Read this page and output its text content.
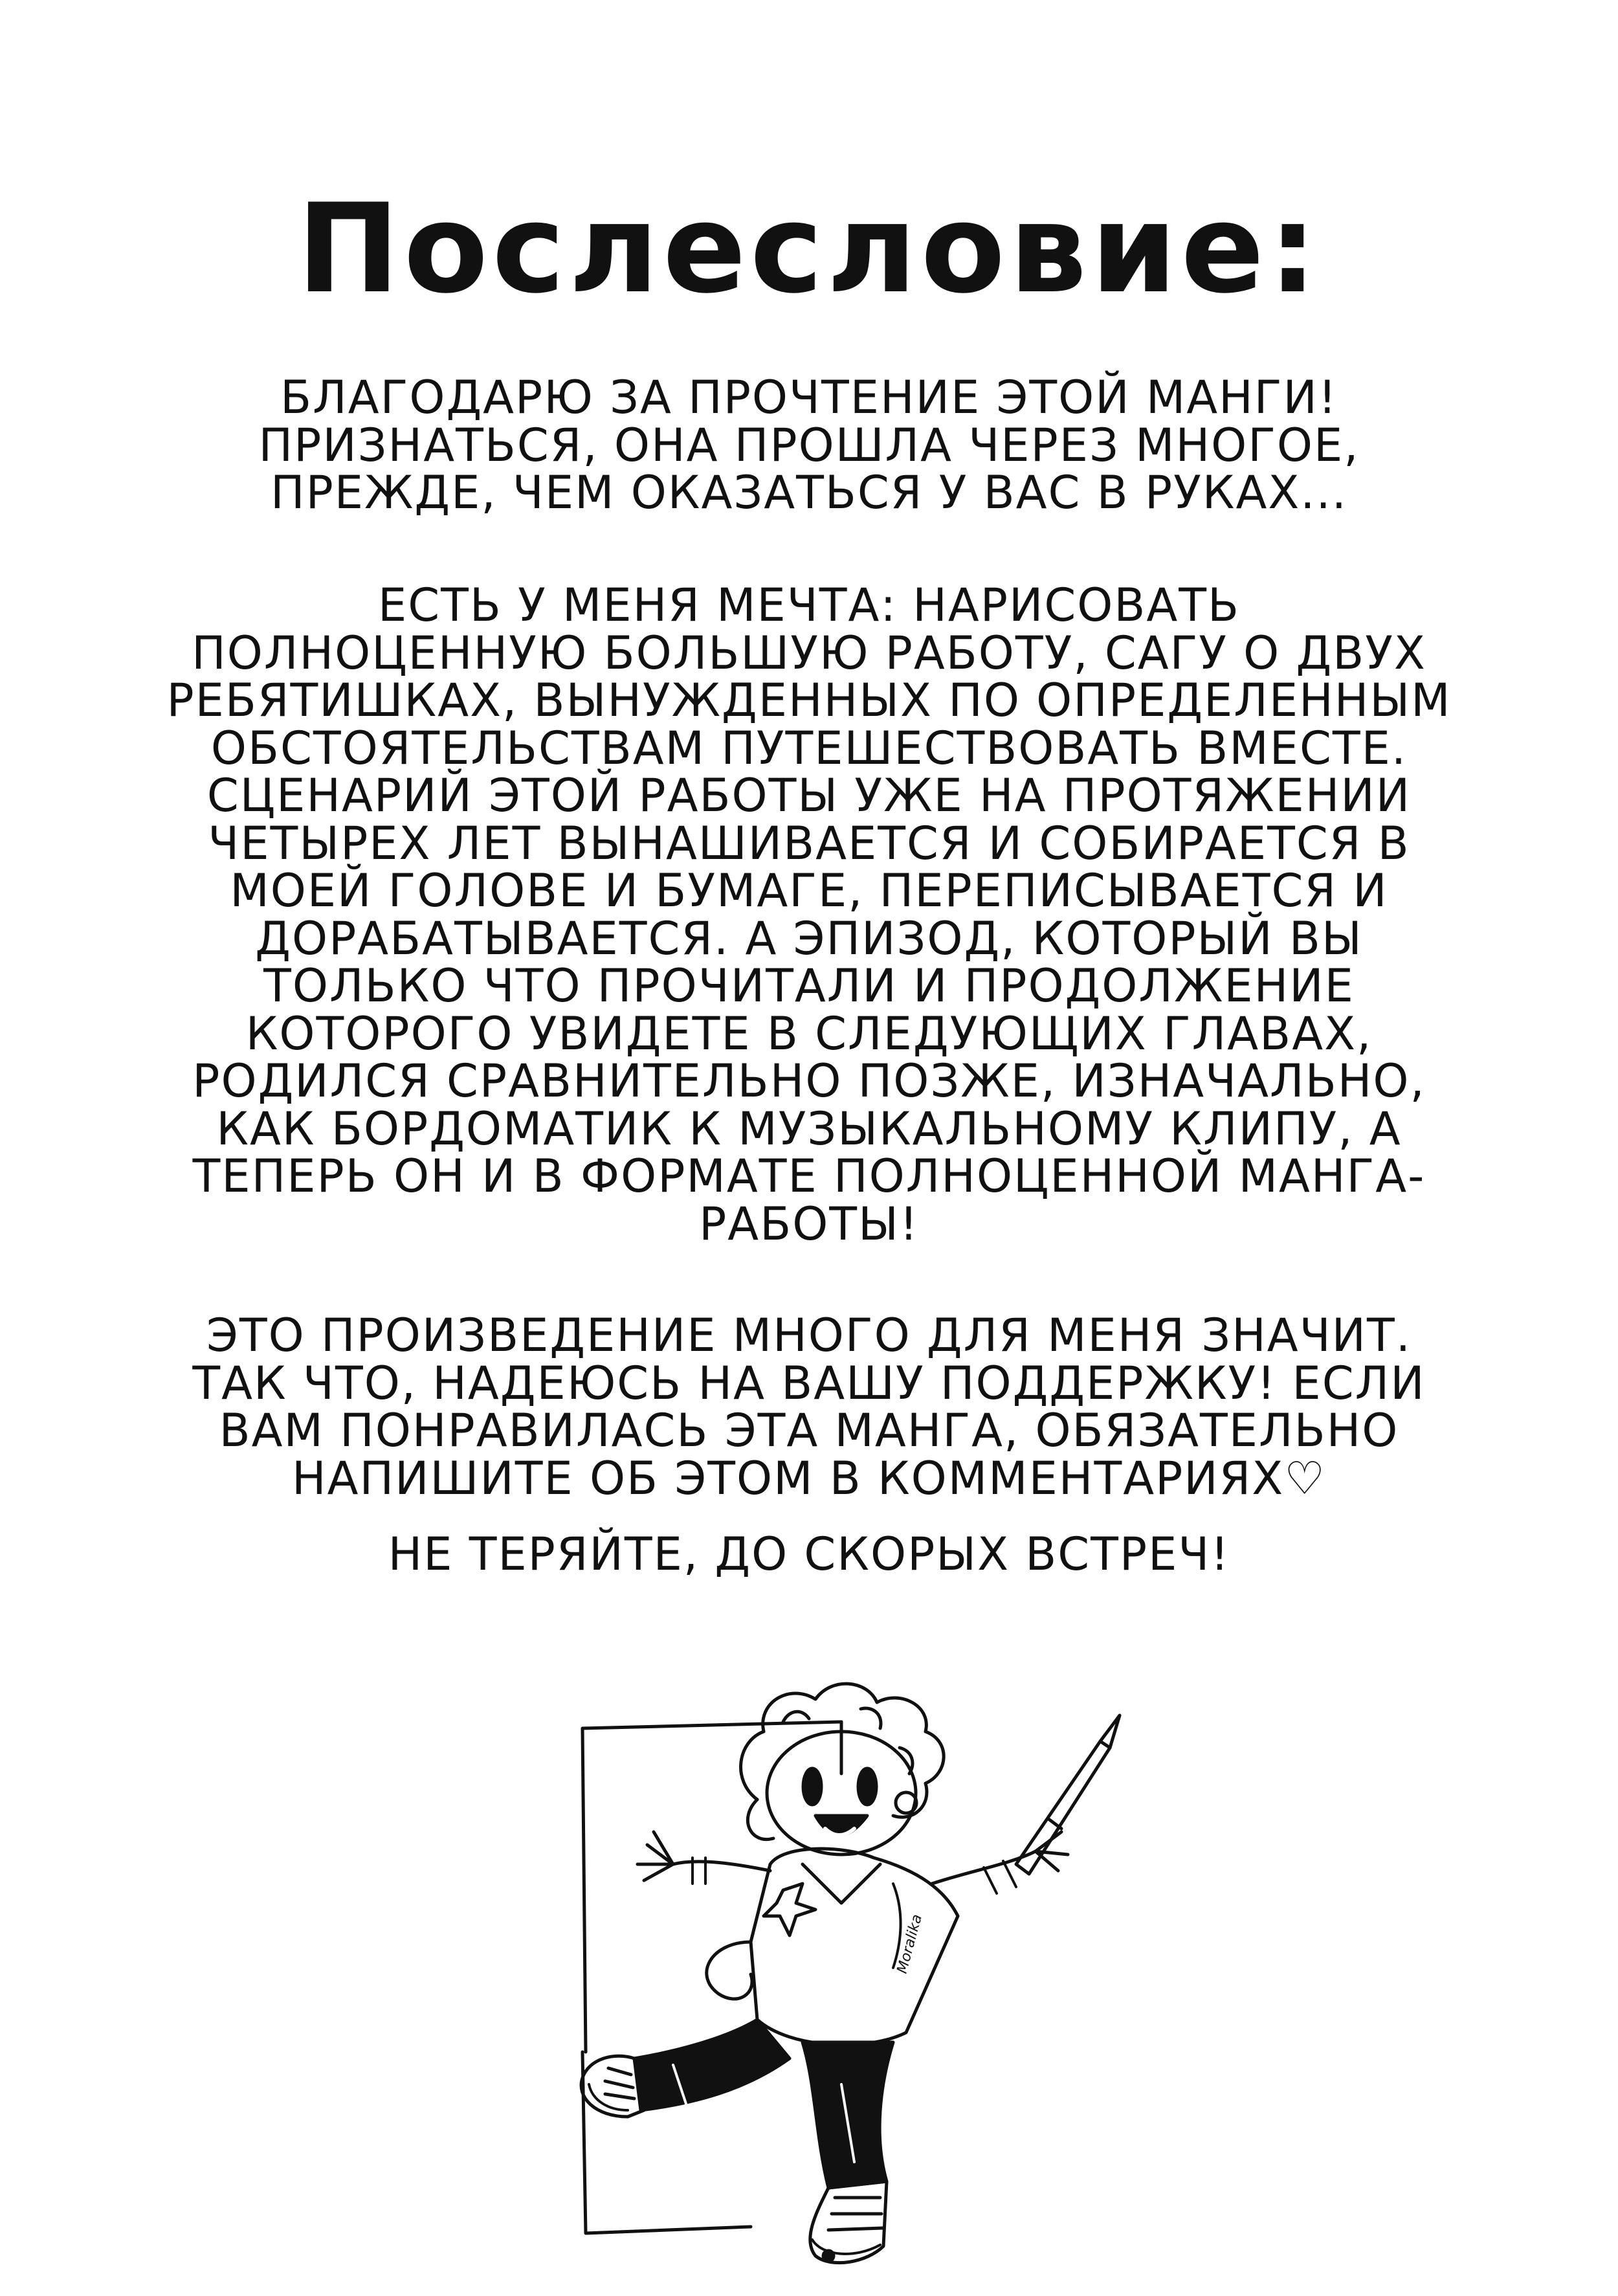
Послесловие:

БЛАГОДАРЮ ЗА ПРОЧТЕНИЕ ЭТОЙ МАНГИ!
ПРИЗНАТЬСЯ, ОНА ПРОШЛА ЧЕРЕЗ МНОГОЕ,
ПРЕЖДЕ, ЧЕМ ОКАЗАТЬСЯ У ВАС В РУКАХ...

ЕСТЬ У МЕНЯ МЕЧТА: НАРИСОВАТЬ
ПОЛНОЦЕННУЮ БОЛЬШУЮ РАБОТУ, САГУ О ДВУХ
РЕБЯТИШКАХ, ВЫНУЖДЕННЫХ ПО ОПРЕДЕЛЕННЫМ
ОБСТОЯТЕЛЬСТВАМ ПУТЕШЕСТВОВАТЬ ВМЕСТЕ.
СЦЕНАРИЙ ЭТОЙ РАБОТЫ УЖЕ НА ПРОТЯЖЕНИИ
ЧЕТЫРЕХ ЛЕТ ВЫНАШИВАЕТСЯ И СОБИРАЕТСЯ В
МОЕЙ ГОЛОВЕ И БУМАГЕ, ПЕРЕПИСЫВАЕТСЯ И
ДОРАБАТЫВАЕТСЯ. А ЭПИЗОД, КОТОРЫЙ ВЫ
ТОЛЬКО ЧТО ПРОЧИТАЛИ И ПРОДОЛЖЕНИЕ
КОТОРОГО УВИДЕТЕ В СЛЕДУЮЩИХ ГЛАВАХ,
РОДИЛСЯ СРАВНИТЕЛЬНО ПОЗЖЕ, ИЗНАЧАЛЬНО,
КАК БОРДОМАТИК К МУЗЫКАЛЬНОМУ КЛИПУ, А
ТЕПЕРЬ ОН И В ФОРМАТЕ ПОЛНОЦЕННОЙ МАНГА-
РАБОТЫ!

ЭТО ПРОИЗВЕДЕНИЕ МНОГО ДЛЯ МЕНЯ ЗНАЧИТ.
ТАК ЧТО, НАДЕЮСЬ НА ВАШУ ПОДДЕРЖКУ! ЕСЛИ
ВАМ ПОНРАВИЛАСЬ ЭТА МАНГА, ОБЯЗАТЕЛЬНО
НАПИШИТЕ ОБ ЭТОМ В КОММЕНТАРИЯХ♡

НЕ ТЕРЯЙТЕ, ДО СКОРЫХ ВСТРЕЧ!

Moralika
